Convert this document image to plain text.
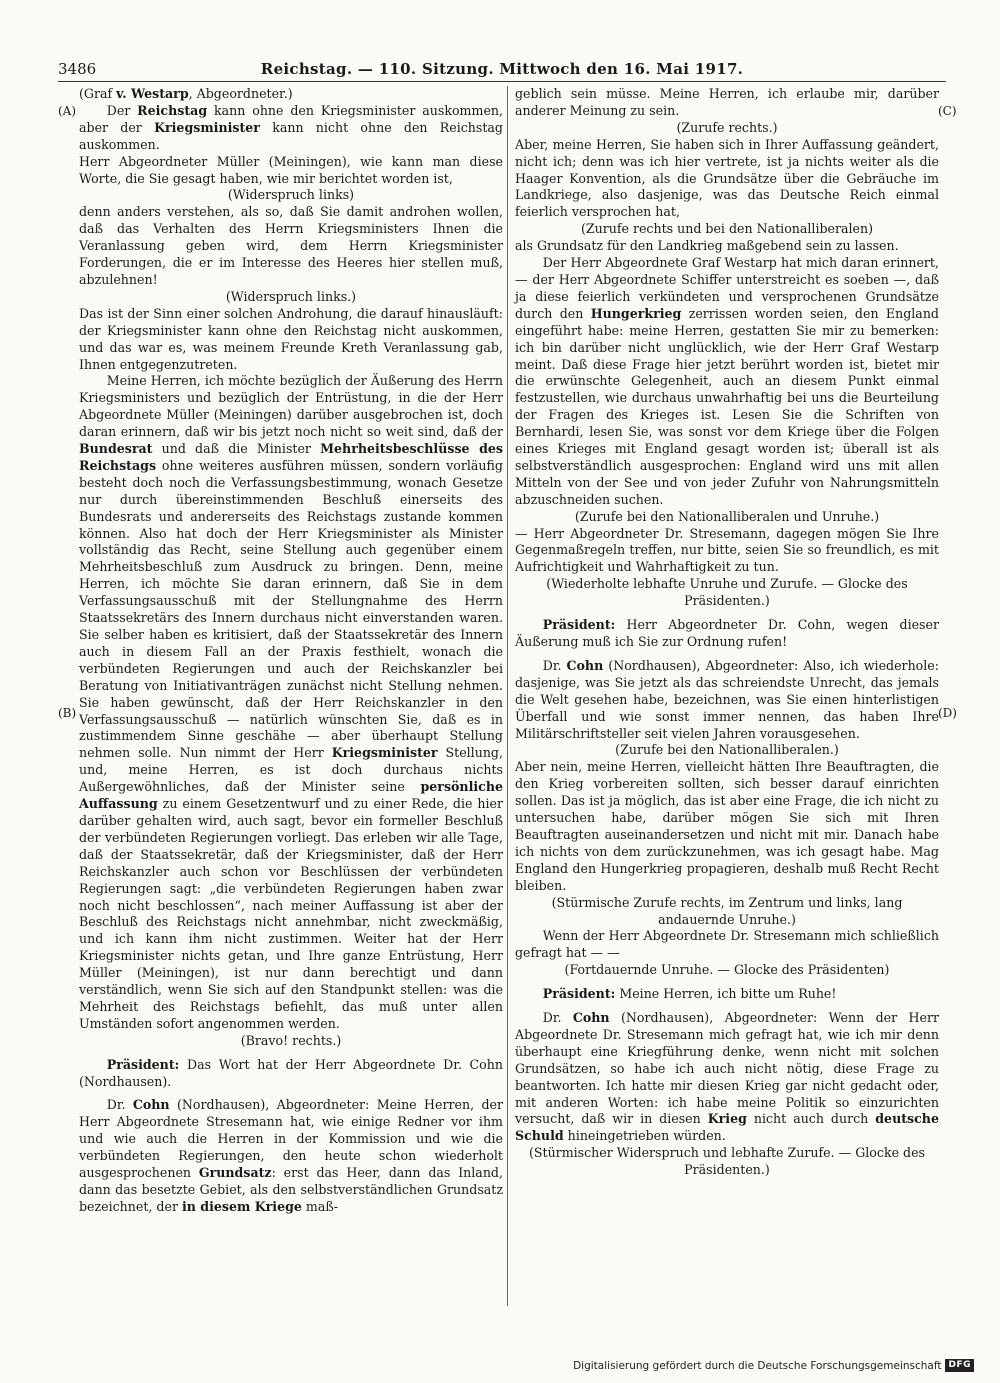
3486	Reichstag. — 110. Sitzung. Mittwoch den 16. Mai 1917.
(A)
(B)
(C)
(D)

(Graf v. Westarp, Abgeordneter.)

Der Reichstag kann ohne den Kriegsminister auskommen, aber der Kriegsminister kann nicht ohne den Reichstag auskommen.

Herr Abgeordneter Müller (Meiningen), wie kann man diese Worte, die Sie gesagt haben, wie mir berichtet worden ist,

(Widerspruch links)

denn anders verstehen, als so, daß Sie damit androhen wollen, daß das Verhalten des Herrn Kriegsministers Ihnen die Veranlassung geben wird, dem Herrn Kriegsminister Forderungen, die er im Interesse des Heeres hier stellen muß, abzulehnen!

(Widerspruch links.)

Das ist der Sinn einer solchen Androhung, die darauf hinausläuft: der Kriegsminister kann ohne den Reichstag nicht auskommen, und das war es, was meinem Freunde Kreth Veranlassung gab, Ihnen entgegenzutreten.

Meine Herren, ich möchte bezüglich der Äußerung des Herrn Kriegsministers und bezüglich der Entrüstung, in die der Herr Abgeordnete Müller (Meiningen) darüber ausgebrochen ist, doch daran erinnern, daß wir bis jetzt noch nicht so weit sind, daß der Bundesrat und daß die Minister Mehrheitsbeschlüsse des Reichstags ohne weiteres ausführen müssen, sondern vorläufig besteht doch noch die Verfassungsbestimmung, wonach Gesetze nur durch übereinstimmenden Beschluß einerseits des Bundesrats und andererseits des Reichstags zustande kommen können. Also hat doch der Herr Kriegsminister als Minister vollständig das Recht, seine Stellung auch gegenüber einem Mehrheitsbeschluß zum Ausdruck zu bringen. Denn, meine Herren, ich möchte Sie daran erinnern, daß Sie in dem Verfassungsausschuß mit der Stellungnahme des Herrn Staatssekretärs des Innern durchaus nicht einverstanden waren. Sie selber haben es kritisiert, daß der Staatssekretär des Innern auch in diesem Fall an der Praxis festhielt, wonach die verbündeten Regierungen und auch der Reichskanzler bei Beratung von Initiativanträgen zunächst nicht Stellung nehmen. Sie haben gewünscht, daß der Herr Reichskanzler in den Verfassungsausschuß — natürlich wünschten Sie, daß es in zustimmendem Sinne geschähe — aber überhaupt Stellung nehmen solle. Nun nimmt der Herr Kriegsminister Stellung, und, meine Herren, es ist doch durchaus nichts Außergewöhnliches, daß der Minister seine persönliche Auffassung zu einem Gesetzentwurf und zu einer Rede, die hier darüber gehalten wird, auch sagt, bevor ein formeller Beschluß der verbündeten Regierungen vorliegt. Das erleben wir alle Tage, daß der Staatssekretär, daß der Kriegsminister, daß der Herr Reichskanzler auch schon vor Beschlüssen der verbündeten Regierungen sagt: „die verbündeten Regierungen haben zwar noch nicht beschlossen“, nach meiner Auffassung ist aber der Beschluß des Reichstags nicht annehmbar, nicht zweckmäßig, und ich kann ihm nicht zustimmen. Weiter hat der Herr Kriegsminister nichts getan, und Ihre ganze Entrüstung, Herr Müller (Meiningen), ist nur dann berechtigt und dann verständlich, wenn Sie sich auf den Standpunkt stellen: was die Mehrheit des Reichstags befiehlt, das muß unter allen Umständen sofort angenommen werden.

(Bravo! rechts.)

Präsident: Das Wort hat der Herr Abgeordnete Dr. Cohn (Nordhausen).

Dr. Cohn (Nordhausen), Abgeordneter: Meine Herren, der Herr Abgeordnete Stresemann hat, wie einige Redner vor ihm und wie auch die Herren in der Kommission und wie die verbündeten Regierungen, den heute schon wiederholt ausgesprochenen Grundsatz: erst das Heer, dann das Inland, dann das besetzte Gebiet, als den selbstverständlichen Grundsatz bezeichnet, der in diesem Kriege maß-

geblich sein müsse. Meine Herren, ich erlaube mir, darüber anderer Meinung zu sein.

(Zurufe rechts.)

Aber, meine Herren, Sie haben sich in Ihrer Auffassung geändert, nicht ich; denn was ich hier vertrete, ist ja nichts weiter als die Haager Konvention, als die Grundsätze über die Gebräuche im Landkriege, also dasjenige, was das Deutsche Reich einmal feierlich versprochen hat,

(Zurufe rechts und bei den Nationalliberalen)

als Grundsatz für den Landkrieg maßgebend sein zu lassen.

Der Herr Abgeordnete Graf Westarp hat mich daran erinnert, — der Herr Abgeordnete Schiffer unterstreicht es soeben —, daß ja diese feierlich verkündeten und versprochenen Grundsätze durch den Hungerkrieg zerrissen worden seien, den England eingeführt habe: meine Herren, gestatten Sie mir zu bemerken: ich bin darüber nicht unglücklich, wie der Herr Graf Westarp meint. Daß diese Frage hier jetzt berührt worden ist, bietet mir die erwünschte Gelegenheit, auch an diesem Punkt einmal festzustellen, wie durchaus unwahrhaftig bei uns die Beurteilung der Fragen des Krieges ist. Lesen Sie die Schriften von Bernhardi, lesen Sie, was sonst vor dem Kriege über die Folgen eines Krieges mit England gesagt worden ist; überall ist als selbstverständlich ausgesprochen: England wird uns mit allen Mitteln von der See und von jeder Zufuhr von Nahrungsmitteln abzuschneiden suchen.

(Zurufe bei den Nationalliberalen und Unruhe.)

— Herr Abgeordneter Dr. Stresemann, dagegen mögen Sie Ihre Gegenmaßregeln treffen, nur bitte, seien Sie so freundlich, es mit Aufrichtigkeit und Wahrhaftigkeit zu tun.

(Wiederholte lebhafte Unruhe und Zurufe. — Glocke des Präsidenten.)

Präsident: Herr Abgeordneter Dr. Cohn, wegen dieser Äußerung muß ich Sie zur Ordnung rufen!

Dr. Cohn (Nordhausen), Abgeordneter: Also, ich wiederhole: dasjenige, was Sie jetzt als das schreiendste Unrecht, das jemals die Welt gesehen habe, bezeichnen, was Sie einen hinterlistigen Überfall und wie sonst immer nennen, das haben Ihre Militärschriftsteller seit vielen Jahren vorausgesehen.

(Zurufe bei den Nationalliberalen.)

Aber nein, meine Herren, vielleicht hätten Ihre Beauftragten, die den Krieg vorbereiten sollten, sich besser darauf einrichten sollen. Das ist ja möglich, das ist aber eine Frage, die ich nicht zu untersuchen habe, darüber mögen Sie sich mit Ihren Beauftragten auseinandersetzen und nicht mit mir. Danach habe ich nichts von dem zurückzunehmen, was ich gesagt habe. Mag England den Hungerkrieg propagieren, deshalb muß Recht Recht bleiben.

(Stürmische Zurufe rechts, im Zentrum und links, lang andauernde Unruhe.)

Wenn der Herr Abgeordnete Dr. Stresemann mich schließlich gefragt hat — —

(Fortdauernde Unruhe. — Glocke des Präsidenten)

Präsident: Meine Herren, ich bitte um Ruhe!

Dr. Cohn (Nordhausen), Abgeordneter: Wenn der Herr Abgeordnete Dr. Stresemann mich gefragt hat, wie ich mir denn überhaupt eine Kriegführung denke, wenn nicht mit solchen Grundsätzen, so habe ich auch nicht nötig, diese Frage zu beantworten. Ich hatte mir diesen Krieg gar nicht gedacht oder, mit anderen Worten: ich habe meine Politik so einzurichten versucht, daß wir in diesen Krieg nicht auch durch deutsche Schuld hineingetrieben würden.

(Stürmischer Widerspruch und lebhafte Zurufe. — Glocke des Präsidenten.)

Digitalisierung gefördert durch die Deutsche Forschungsgemeinschaft DFG
